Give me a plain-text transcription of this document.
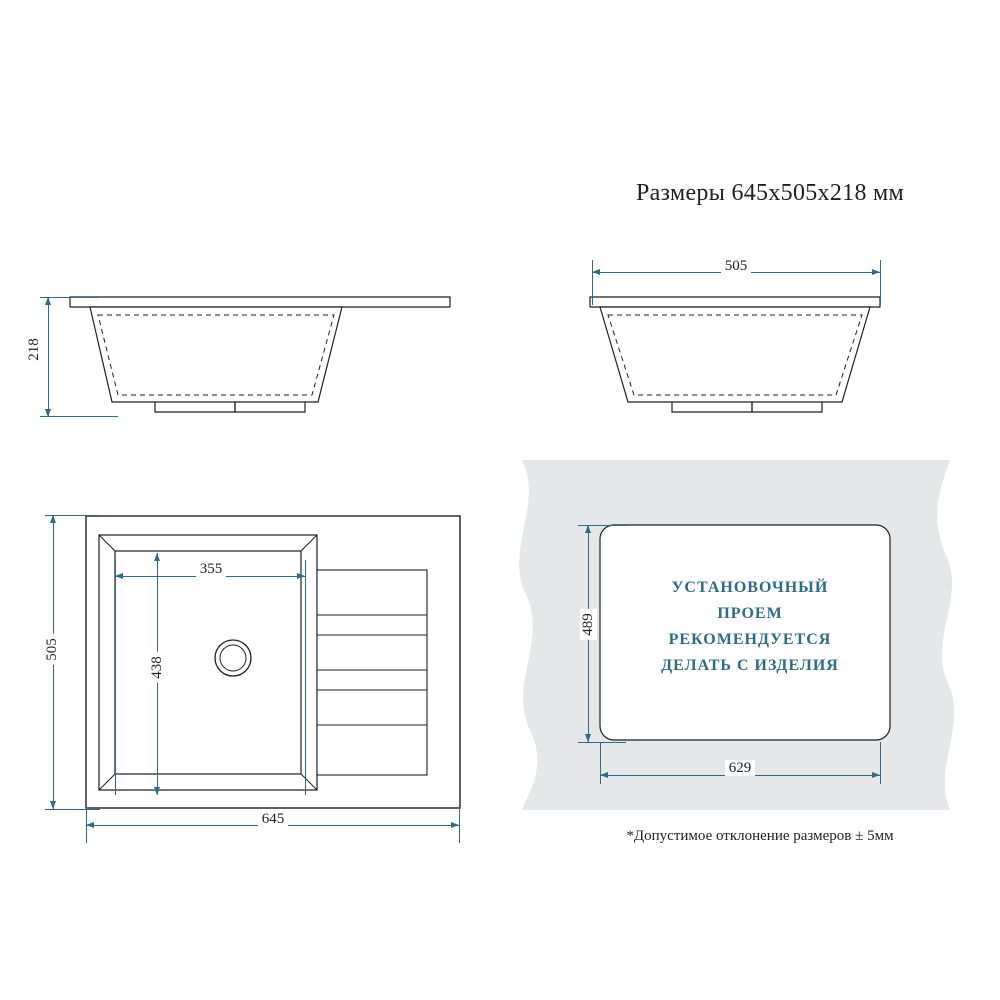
Размеры 645х505х218 мм
218
505
355
438
505
645
УСТАНОВОЧНЫЙ
ПРОЕМ
РЕКОМЕНДУЕТСЯ
ДЕЛАТЬ С ИЗДЕЛИЯ
489
629
*Допустимое отклонение размеров ± 5мм
